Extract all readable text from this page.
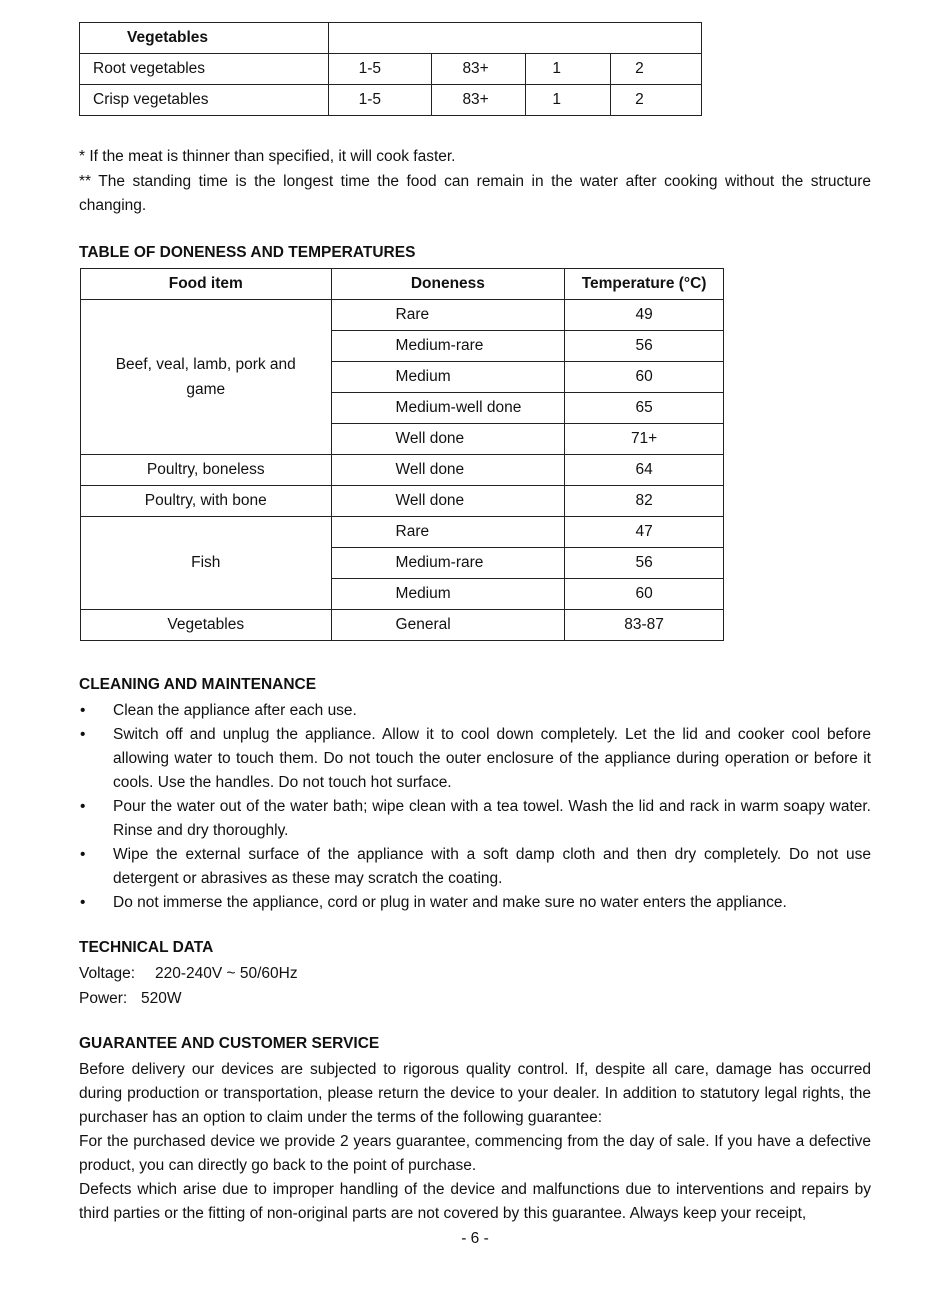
Vegetables				
Root vegetables	1-5	83+	1	2
Crisp vegetables	1-5	83+	1	2

* If the meat is thinner than specified, it will cook faster.

** The standing time is the longest time the food can remain in the water after cooking without the structure changing.

TABLE OF DONENESS AND TEMPERATURES
Food item	Doneness	Temperature (°C)
Beef, veal, lamb, pork and game	Rare	49
	Medium-rare	56
	Medium	60
	Medium-well done	65
	Well done	71+
Poultry, boneless	Well done	64
Poultry, with bone	Well done	82
Fish	Rare	47
	Medium-rare	56
	Medium	60
Vegetables	General	83-87
CLEANING AND MAINTENANCE
• Clean the appliance after each use.
• Switch off and unplug the appliance. Allow it to cool down completely. Let the lid and cooker cool before allowing water to touch them. Do not touch the outer enclosure of the appliance during operation or before it cools. Use the handles. Do not touch hot surface.
• Pour the water out of the water bath; wipe clean with a tea towel. Wash the lid and rack in warm soapy water. Rinse and dry thoroughly.
• Wipe the external surface of the appliance with a soft damp cloth and then dry completely. Do not use detergent or abrasives as these may scratch the coating.
• Do not immerse the appliance, cord or plug in water and make sure no water enters the appliance.
TECHNICAL DATA
Voltage: 220-240V ~ 50/60Hz
Power: 520W
GUARANTEE AND CUSTOMER SERVICE

Before delivery our devices are subjected to rigorous quality control. If, despite all care, damage has occurred during production or transportation, please return the device to your dealer. In addition to statutory legal rights, the purchaser has an option to claim under the terms of the following guarantee:

For the purchased device we provide 2 years guarantee, commencing from the day of sale. If you have a defective product, you can directly go back to the point of purchase.

Defects which arise due to improper handling of the device and malfunctions due to interventions and repairs by third parties or the fitting of non-original parts are not covered by this guarantee. Always keep your receipt,

- 6 -
